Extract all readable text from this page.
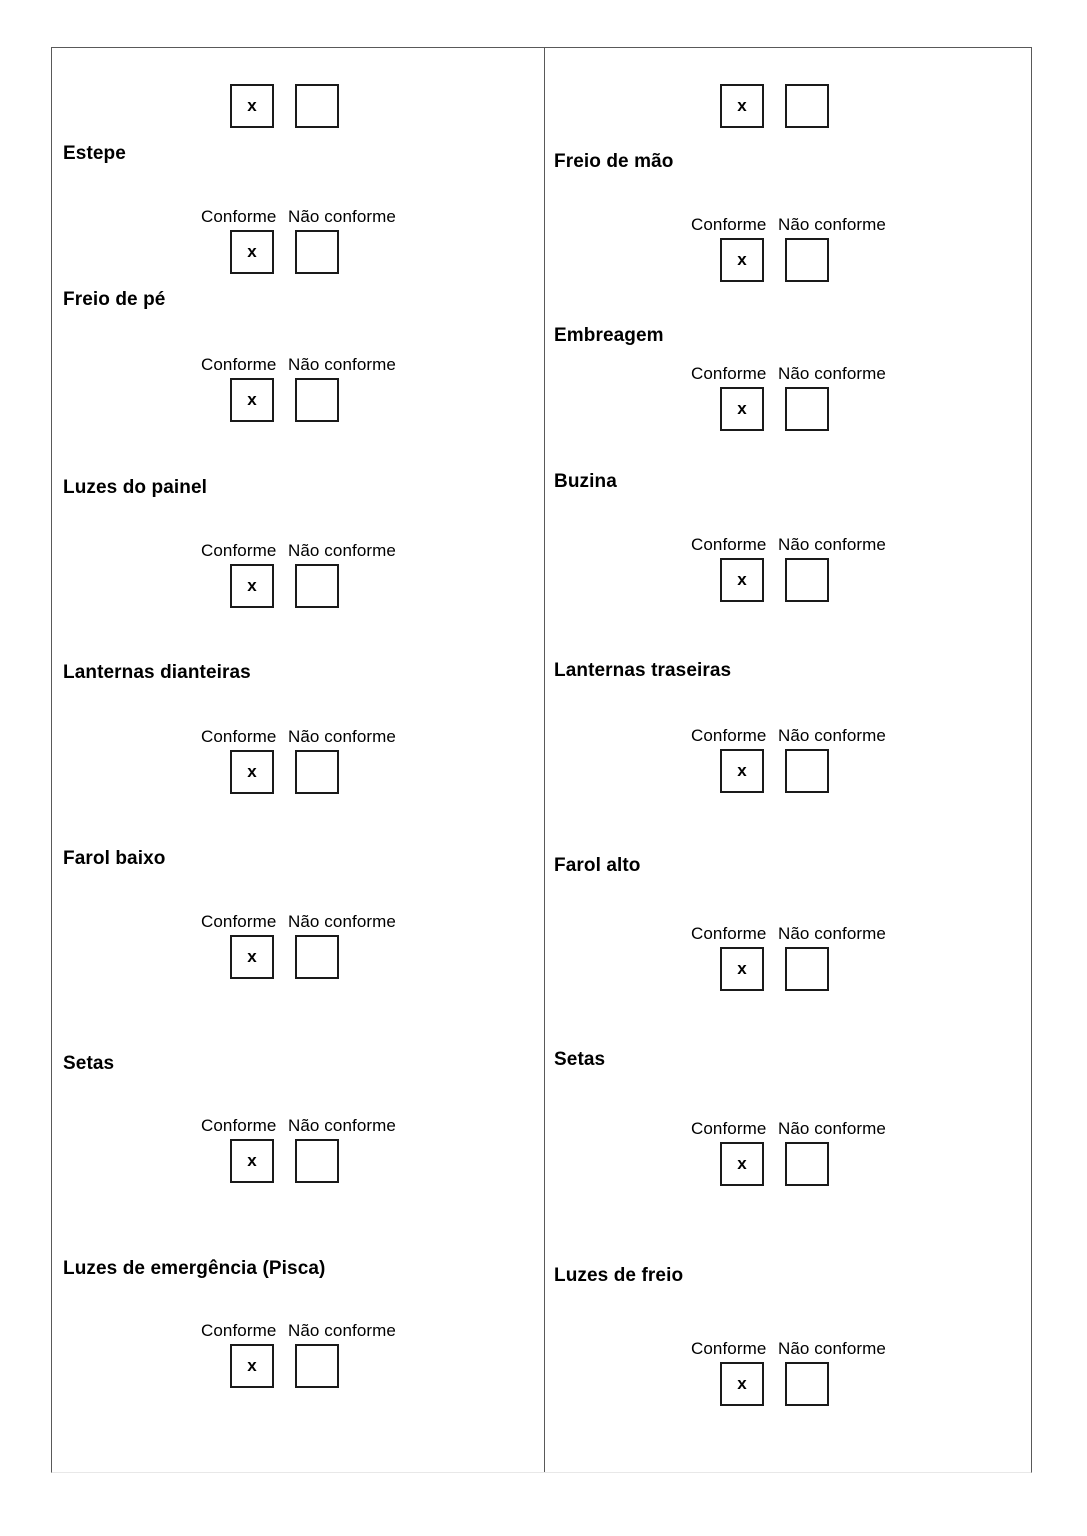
x
Estepe
Conforme Não conforme
x
Freio de pé
Conforme Não conforme
x
Luzes do painel
Conforme Não conforme
x
Lanternas dianteiras
Conforme Não conforme
x
Farol baixo
Conforme Não conforme
x
Setas
Conforme Não conforme
x
Luzes de emergência (Pisca)
Conforme Não conforme
x
x
Freio de mão
Conforme Não conforme
x
Embreagem
Conforme Não conforme
x
Buzina
Conforme Não conforme
x
Lanternas traseiras
Conforme Não conforme
x
Farol alto
Conforme Não conforme
x
Setas
Conforme Não conforme
x
Luzes de freio
Conforme Não conforme
x
